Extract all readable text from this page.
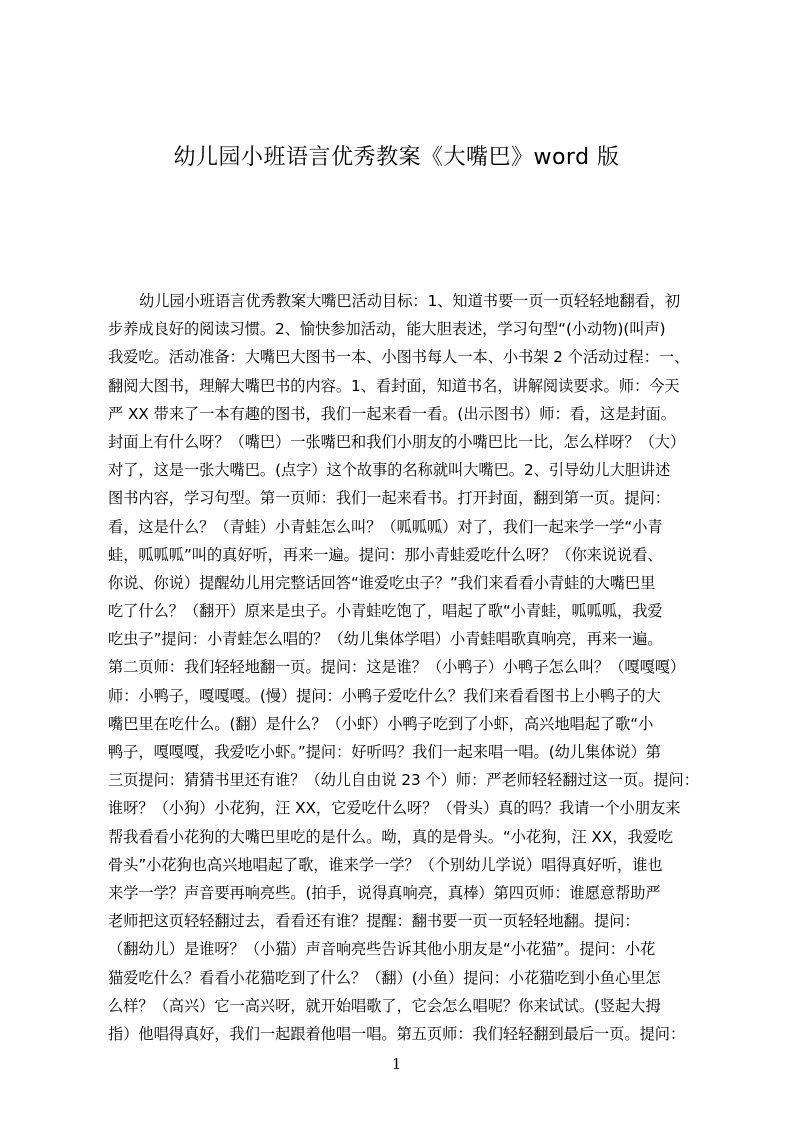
幼儿园小班语言优秀教案《大嘴巴》word 版
幼儿园小班语言优秀教案大嘴巴活动目标：1、知道书要一页一页轻轻地翻看，初
步养成良好的阅读习惯。2、愉快参加活动，能大胆表述，学习句型“(小动物)(叫声)
我爱吃。活动准备：大嘴巴大图书一本、小图书每人一本、小书架 2 个活动过程：一、
翻阅大图书，理解大嘴巴书的内容。1、看封面，知道书名，讲解阅读要求。师：今天
严 XX 带来了一本有趣的图书，我们一起来看一看。(出示图书）师：看，这是封面。
封面上有什么呀？（嘴巴）一张嘴巴和我们小朋友的小嘴巴比一比，怎么样呀？（大）
对了，这是一张大嘴巴。(点字）这个故事的名称就叫大嘴巴。2、引导幼儿大胆讲述
图书内容，学习句型。第一页师：我们一起来看书。打开封面，翻到第一页。提问：
看，这是什么？（青蛙）小青蛙怎么叫？（呱呱呱）对了，我们一起来学一学“小青
蛙，呱呱呱”叫的真好听，再来一遍。提问：那小青蛙爱吃什么呀？（你来说说看、
你说、你说）提醒幼儿用完整话回答“谁爱吃虫子？”我们来看看小青蛙的大嘴巴里
吃了什么？（翻开）原来是虫子。小青蛙吃饱了，唱起了歌“小青蛙，呱呱呱，我爱
吃虫子”提问：小青蛙怎么唱的？（幼儿集体学唱）小青蛙唱歌真响亮，再来一遍。
第二页师：我们轻轻地翻一页。提问：这是谁？（小鸭子）小鸭子怎么叫？（嘎嘎嘎）
师：小鸭子，嘎嘎嘎。(慢）提问：小鸭子爱吃什么？我们来看看图书上小鸭子的大
嘴巴里在吃什么。(翻）是什么？（小虾）小鸭子吃到了小虾，高兴地唱起了歌“小
鸭子，嘎嘎嘎，我爱吃小虾。”提问：好听吗？我们一起来唱一唱。(幼儿集体说）第
三页提问：猜猜书里还有谁？（幼儿自由说 23 个）师：严老师轻轻翻过这一页。提问：
谁呀？（小狗）小花狗，汪 XX，它爱吃什么呀？（骨头）真的吗？我请一个小朋友来
帮我看看小花狗的大嘴巴里吃的是什么。呦，真的是骨头。“小花狗，汪 XX，我爱吃
骨头”小花狗也高兴地唱起了歌，谁来学一学？（个别幼儿学说）唱得真好听，谁也
来学一学？声音要再响亮些。(拍手，说得真响亮，真棒）第四页师：谁愿意帮助严
老师把这页轻轻翻过去，看看还有谁？提醒：翻书要一页一页轻轻地翻。提问：
（翻幼儿）是谁呀？（小猫）声音响亮些告诉其他小朋友是“小花猫”。提问：小花
猫爱吃什么？看看小花猫吃到了什么？（翻）(小鱼）提问：小花猫吃到小鱼心里怎
么样？（高兴）它一高兴呀，就开始唱歌了，它会怎么唱呢？你来试试。(竖起大拇
指）他唱得真好，我们一起跟着他唱一唱。第五页师：我们轻轻翻到最后一页。提问：
1
